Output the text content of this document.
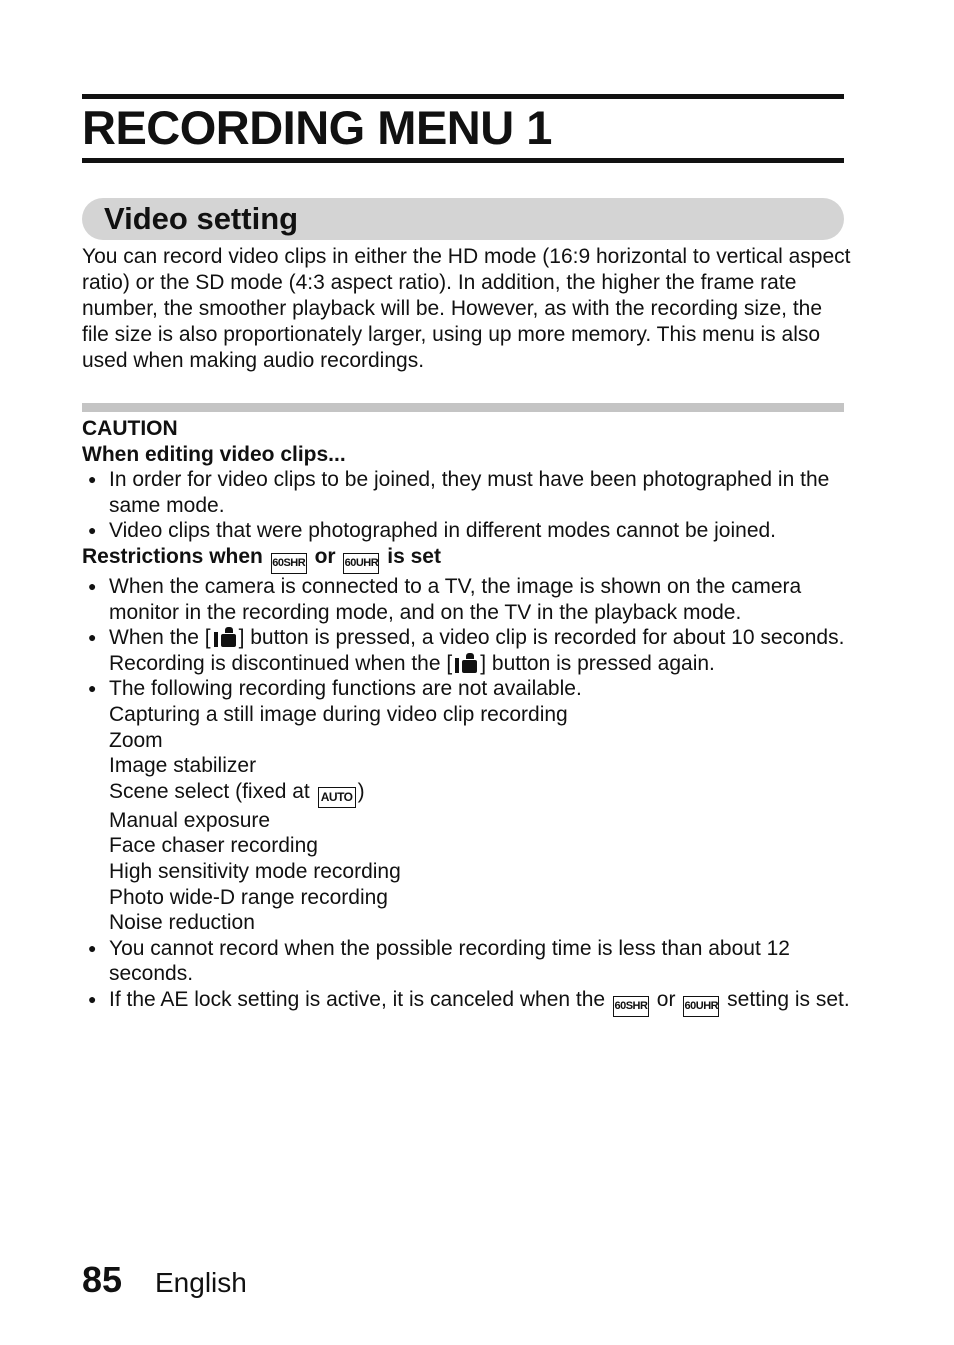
RECORDING MENU 1
Video setting

You can record video clips in either the HD mode (16:9 horizontal to vertical aspect ratio) or the SD mode (4:3 aspect ratio). In addition, the higher the frame rate number, the smoother playback will be. However, as with the recording size, the file size is also proportionately larger, using up more memory. This menu is also used when making audio recordings.

CAUTION

When editing video clips...

● In order for video clips to be joined, they must have been photographed in the same mode.
● Video clips that were photographed in different modes cannot be joined.

Restrictions when 60SHR or 60UHR is set

● When the camera is connected to a TV, the image is shown on the camera monitor in the recording mode, and on the TV in the playback mode.
● When the [ ] button is pressed, a video clip is recorded for about 10 seconds. Recording is discontinued when the [ ] button is pressed again.
● The following recording functions are not available.
Capturing a still image during video clip recording
Zoom
Image stabilizer
Scene select (fixed at AUTO )
Manual exposure
Face chaser recording
High sensitivity mode recording
Photo wide-D range recording
Noise reduction
● You cannot record when the possible recording time is less than about 12 seconds.
● If the AE lock setting is active, it is canceled when the 60SHR or 60UHR setting is set.
85 English
